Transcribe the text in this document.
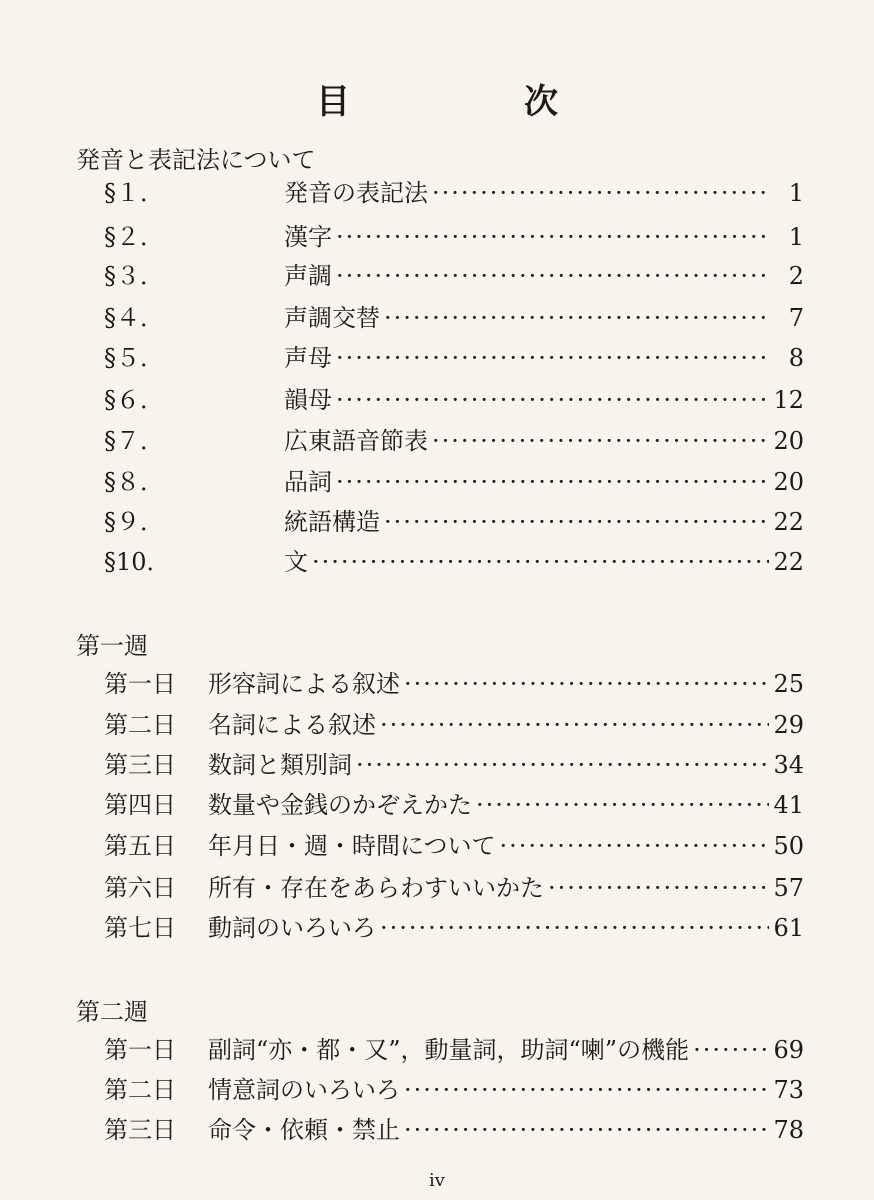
目　次
発音と表記法について
§１．	発音の表記法 ·····	1
§２．	漢字 ·····	1
§３．	声調 ·····	2
§４．	声調交替 ·····	7
§５．	声母 ·····	8
§６．	韻母 ·····	12
§７．	広東語音節表 ·····	20
§８．	品詞 ·····	20
§９．	統語構造 ·····	22
§10．	文 ·····	22
第一週
第一日	形容詞による叙述 ·····	25
第二日	名詞による叙述 ·····	29
第三日	数詞と類別詞 ·····	34
第四日	数量や金銭のかぞえかた ·····	41
第五日	年月日・週・時間について ·····	50
第六日	所有・存在をあらわすいいかた ·····	57
第七日	動詞のいろいろ ·····	61
第二週
第一日	副詞“亦・都・又”，動量詞，助詞“喇”の機能 ·····	69
第二日	情意詞のいろいろ ·····	73
第三日	命令・依頼・禁止 ·····	78
iv
